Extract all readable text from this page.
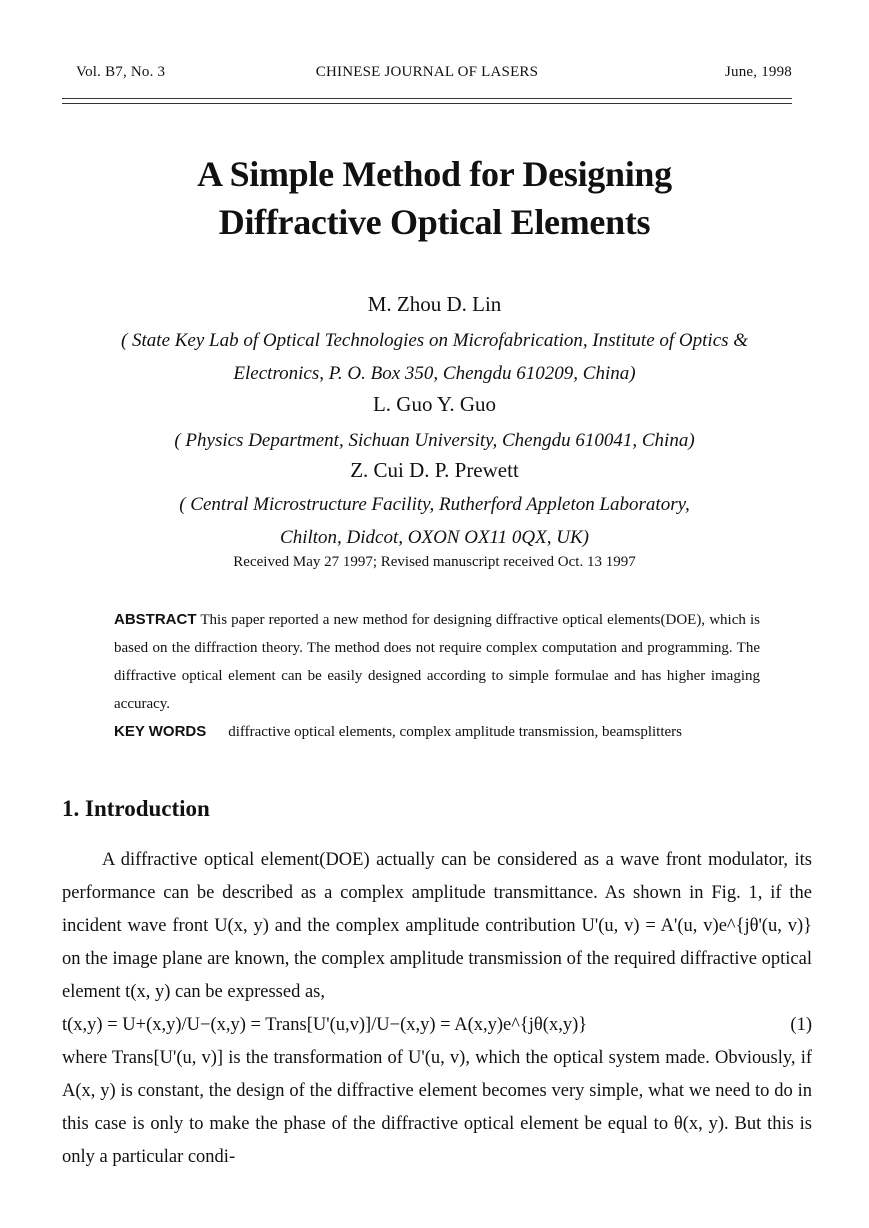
Vol. B7, No. 3	CHINESE JOURNAL OF LASERS	June, 1998
A Simple Method for Designing
Diffractive Optical Elements
M. Zhou D. Lin
( State Key Lab of Optical Technologies on Microfabrication, Institute of Optics &
Electronics, P. O. Box 350, Chengdu 610209, China)
L. Guo Y. Guo
( Physics Department, Sichuan University, Chengdu 610041, China)
Z. Cui D. P. Prewett
( Central Microstructure Facility, Rutherford Appleton Laboratory,
Chilton, Didcot, OXON OX11 0QX, UK)
Received May 27 1997; Revised manuscript received Oct. 13 1997
ABSTRACT This paper reported a new method for designing diffractive optical elements(DOE), which is based on the diffraction theory. The method does not require complex computation and programming. The diffractive optical element can be easily designed according to simple formulae and has higher imaging accuracy.
KEY WORDS diffractive optical elements, complex amplitude transmission, beamsplitters
1. Introduction

A diffractive optical element(DOE) actually can be considered as a wave front modulator, its performance can be described as a complex amplitude transmittance. As shown in Fig. 1, if the incident wave front U(x, y) and the complex amplitude contribution U'(u, v) = A'(u, v)e^{jθ'(u, v)} on the image plane are known, the complex amplitude transmission of the required diffractive optical element t(x, y) can be expressed as,

t(x,y) = U+(x,y)/U−(x,y) = Trans[U'(u,v)]/U−(x,y) = A(x,y)e^{jθ(x,y)}	(1)

where Trans[U'(u, v)] is the transformation of U'(u, v), which the optical system made. Obviously, if A(x, y) is constant, the design of the diffractive element becomes very simple, what we need to do in this case is only to make the phase of the diffractive optical element be equal to θ(x, y). But this is only a particular condi-
